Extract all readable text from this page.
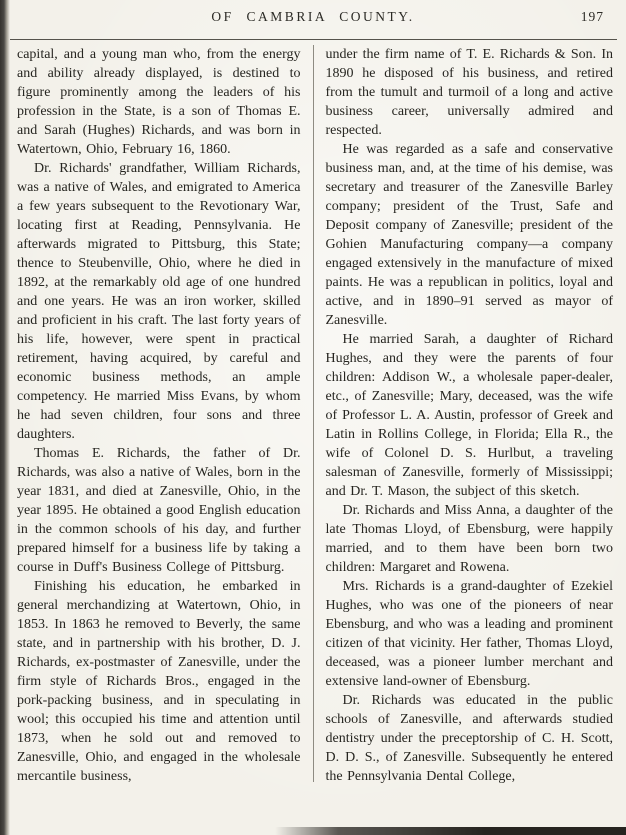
OF CAMBRIA COUNTY.	197

capital, and a young man who, from the energy and ability already displayed, is destined to figure prominently among the leaders of his profession in the State, is a son of Thomas E. and Sarah (Hughes) Richards, and was born in Watertown, Ohio, February 16, 1860.

Dr. Richards' grandfather, William Richards, was a native of Wales, and emigrated to America a few years subsequent to the Revotionary War, locating first at Reading, Pennsylvania. He afterwards migrated to Pittsburg, this State; thence to Steubenville, Ohio, where he died in 1892, at the remarkably old age of one hundred and one years. He was an iron worker, skilled and proficient in his craft. The last forty years of his life, however, were spent in practical retirement, having acquired, by careful and economic business methods, an ample competency. He married Miss Evans, by whom he had seven children, four sons and three daughters.

Thomas E. Richards, the father of Dr. Richards, was also a native of Wales, born in the year 1831, and died at Zanesville, Ohio, in the year 1895. He obtained a good English education in the common schools of his day, and further prepared himself for a business life by taking a course in Duff's Business College of Pittsburg.

Finishing his education, he embarked in general merchandizing at Watertown, Ohio, in 1853. In 1863 he removed to Beverly, the same state, and in partnership with his brother, D. J. Richards, ex-postmaster of Zanesville, under the firm style of Richards Bros., engaged in the pork-packing business, and in speculating in wool; this occupied his time and attention until 1873, when he sold out and removed to Zanesville, Ohio, and engaged in the wholesale mercantile business,

under the firm name of T. E. Richards & Son. In 1890 he disposed of his business, and retired from the tumult and turmoil of a long and active business career, universally admired and respected.

He was regarded as a safe and conservative business man, and, at the time of his demise, was secretary and treasurer of the Zanesville Barley company; president of the Trust, Safe and Deposit company of Zanesville; president of the Gohien Manufacturing company—a company engaged extensively in the manufacture of mixed paints. He was a republican in politics, loyal and active, and in 1890–91 served as mayor of Zanesville.

He married Sarah, a daughter of Richard Hughes, and they were the parents of four children: Addison W., a wholesale paper-dealer, etc., of Zanesville; Mary, deceased, was the wife of Professor L. A. Austin, professor of Greek and Latin in Rollins College, in Florida; Ella R., the wife of Colonel D. S. Hurlbut, a traveling salesman of Zanesville, formerly of Mississippi; and Dr. T. Mason, the subject of this sketch.

Dr. Richards and Miss Anna, a daughter of the late Thomas Lloyd, of Ebensburg, were happily married, and to them have been born two children: Margaret and Rowena.

Mrs. Richards is a grand-daughter of Ezekiel Hughes, who was one of the pioneers of near Ebensburg, and who was a leading and prominent citizen of that vicinity. Her father, Thomas Lloyd, deceased, was a pioneer lumber merchant and extensive land-owner of Ebensburg.

Dr. Richards was educated in the public schools of Zanesville, and afterwards studied dentistry under the preceptorship of C. H. Scott, D. D. S., of Zanesville. Subsequently he entered the Pennsylvania Dental College,
